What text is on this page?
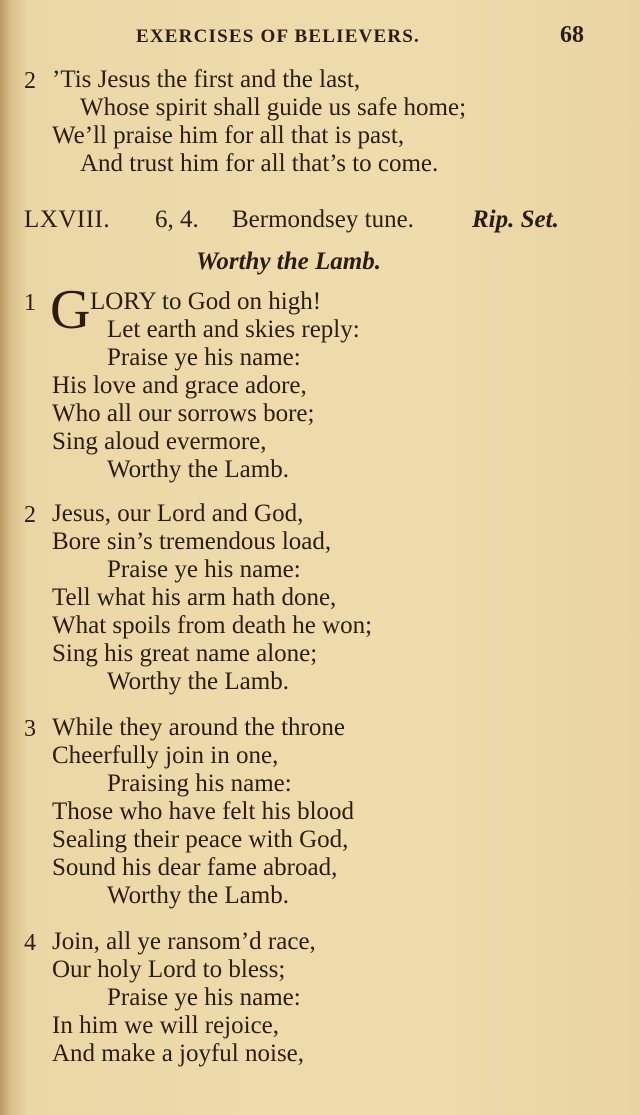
EXERCISES OF BELIEVERS.	68
2 ’Tis Jesus the first and the last,
Whose spirit shall guide us safe home;
We’ll praise him for all that is past,
And trust him for all that’s to come.
LXVIII. 6, 4. Bermondsey tune. Rip. Set.
Worthy the Lamb.
1 G LORY to God on high!
Let earth and skies reply:
Praise ye his name:
His love and grace adore,
Who all our sorrows bore;
Sing aloud evermore,
Worthy the Lamb.
2 Jesus, our Lord and God,
Bore sin’s tremendous load,
Praise ye his name:
Tell what his arm hath done,
What spoils from death he won;
Sing his great name alone;
Worthy the Lamb.
3 While they around the throne
Cheerfully join in one,
Praising his name:
Those who have felt his blood
Sealing their peace with God,
Sound his dear fame abroad,
Worthy the Lamb.
4 Join, all ye ransom’d race,
Our holy Lord to bless;
Praise ye his name:
In him we will rejoice,
And make a joyful noise,
